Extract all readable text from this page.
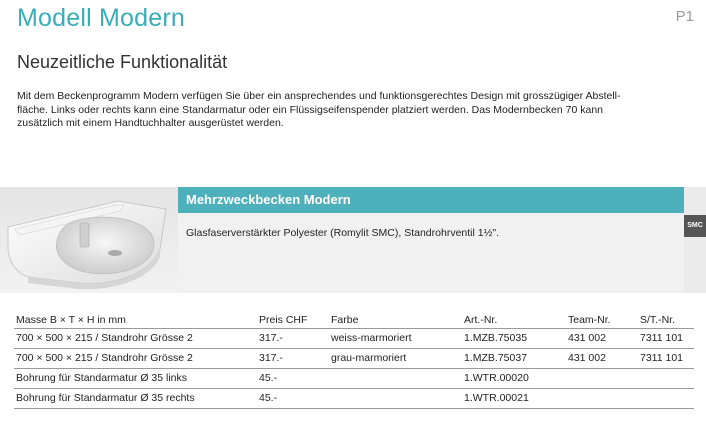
Modell Modern	P1
Neuzeitliche Funktionalität
Mit dem Beckenprogramm Modern verfügen Sie über ein ansprechendes und funktionsgerechtes Design mit grosszügiger Abstell-
fläche. Links oder rechts kann eine Standarmatur oder ein Flüssigseifenspender platziert werden. Das Modernbecken 70 kann
zusätzlich mit einem Handtuchhalter ausgerüstet werden.
Mehrzweckbecken Modern
Glasfaserverstärkter Polyester (Romylit SMC), Standrohrventil 1½".
SMC
Masse B × T × H in mm	Preis CHF	Farbe	Art.-Nr.	Team-Nr.	S/T.-Nr.
700 × 500 × 215 / Standrohr Grösse 2	317.-	weiss-marmoriert	1.MZB.75035	431 002	7311 101
700 × 500 × 215 / Standrohr Grösse 2	317.-	grau-marmoriert	1.MZB.75037	431 002	7311 101
Bohrung für Standarmatur Ø 35 links	45.-		1.WTR.00020		
Bohrung für Standarmatur Ø 35 rechts	45.-		1.WTR.00021		
